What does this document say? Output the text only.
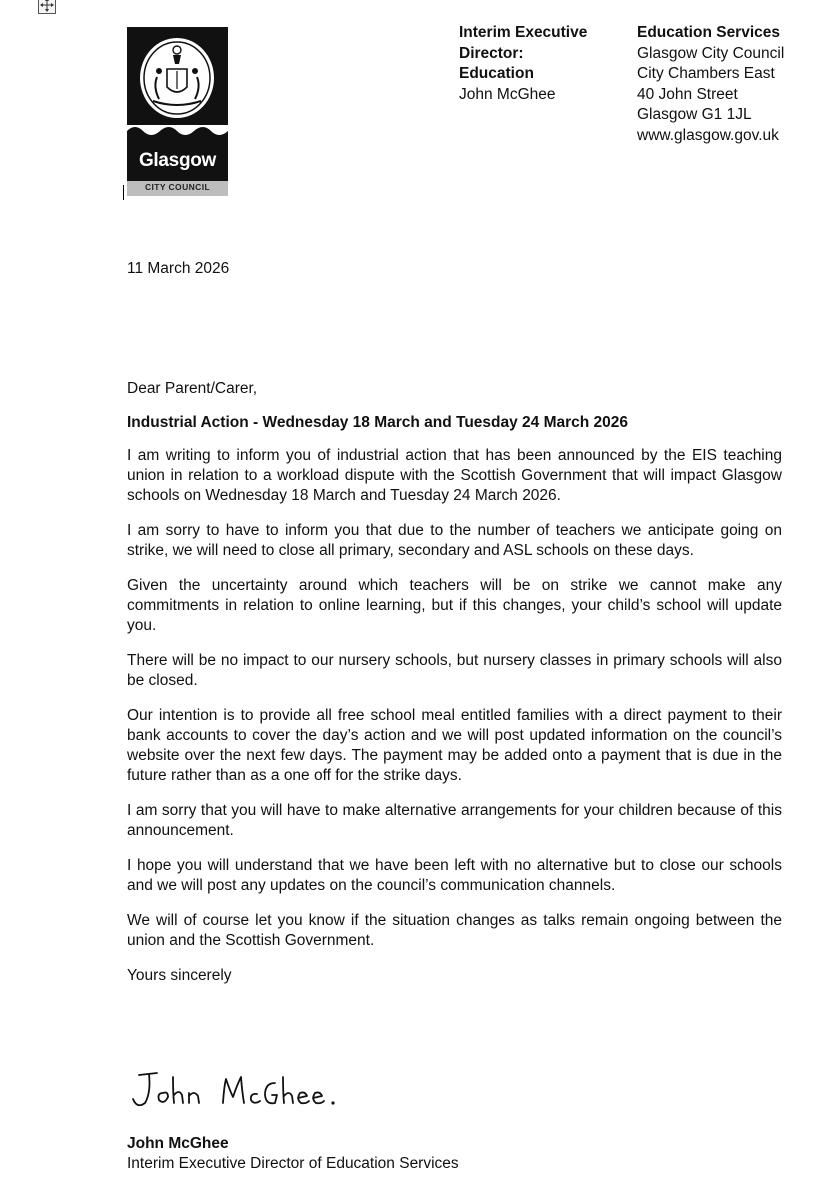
Glasgow
CITY COUNCIL
Interim Executive
Director:
Education
John McGhee
Education Services
Glasgow City Council
City Chambers East
40 John Street
Glasgow G1 1JL
www.glasgow.gov.uk
11 March 2026

Dear Parent/Carer,

Industrial Action - Wednesday 18 March and Tuesday 24 March 2026

I am writing to inform you of industrial action that has been announced by the EIS teaching union in relation to a workload dispute with the Scottish Government that will impact Glasgow schools on Wednesday 18 March and Tuesday 24 March 2026.

I am sorry to have to inform you that due to the number of teachers we anticipate going on strike, we will need to close all primary, secondary and ASL schools on these days.

Given the uncertainty around which teachers will be on strike we cannot make any commitments in relation to online learning, but if this changes, your child’s school will update you.

There will be no impact to our nursery schools, but nursery classes in primary schools will also be closed.

Our intention is to provide all free school meal entitled families with a direct payment to their bank accounts to cover the day’s action and we will post updated information on the council’s website over the next few days. The payment may be added onto a payment that is due in the future rather than as a one off for the strike days.

I am sorry that you will have to make alternative arrangements for your children because of this announcement.

I hope you will understand that we have been left with no alternative but to close our schools and we will post any updates on the council’s communication channels.

We will of course let you know if the situation changes as talks remain ongoing between the union and the Scottish Government.

Yours sincerely

John McGhee
Interim Executive Director of Education Services
